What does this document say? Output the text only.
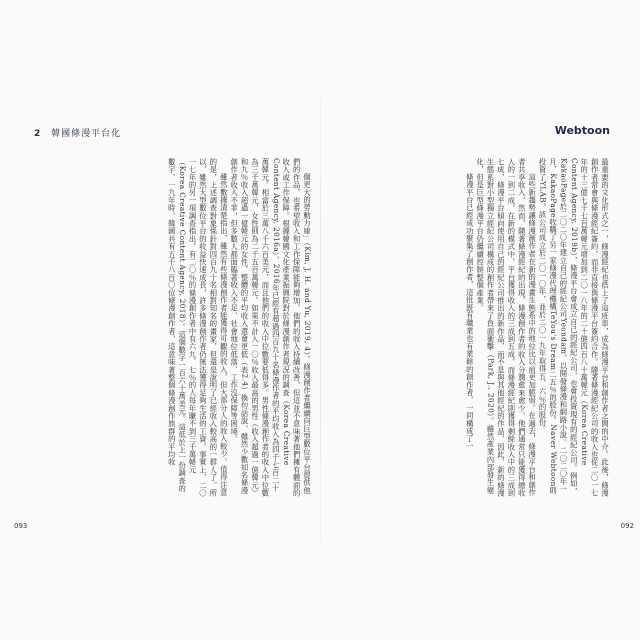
2 韓國條漫平台化

個更大的勞動力庫」（Kim, J. H. and Yu, 2019, 4）。條漫創作者繼續向巨型數位平台提供他們的作品，也希望收入和工作保障能夠增加，他們的收入持續改善，但這並不意味著他們擁有體面的收入或工作保障。根據韓國文化產業振興院對於條漫創作者現況的調查（Korea Creative Content Agency, 2016a），2016年已經有超過四百九十名條漫作者的平均收入為四千七百二十萬韓元。相當於三萬八千六百美元，而且他們的收入中位數要低得多。男性條漫創作者的收入中位數為三千萬韓元，女性則為二千五百萬韓元。如果不計入一〇％收入最高的男性（收入超過一億韓元）和九％收入超過一億韓元的女性，整體的平均收入還會更低（表2.4）換句話說，雖然少數知名條漫創作者收入不菲，但多數人都面臨著收入不足、社會地位低落、工作沒保障等困境。

雖然數據清楚指出，雖然有些條漫創作者能獲得可觀的收入，但大部分人的收入較少。值得注意的是，上述調查對象係針對四百九十名相對知名的畫家，但還是說明了已經收入較高的一群人了。所以，雖然大型數位平台的收益快速成長，許多條漫創作者仍無法獲得足夠生活的工資。事實上，二〇一七年的另一項調查指出，有二〇％的條漫創作者中有六九．七％的人每年賺不到三千萬韓元（Korea Creative Content Agency, 2018）。這個數字一百六十萬美元。這低於上一份調查的數字，一九年時，韓國共有五千八百〇位條漫創作者，這意味著整個條漫創作族群的平均收

093
Webtoon

最重要的文化形式之一，條漫經紀也搭上了這班車，成為條漫平台和創作者之間的中介。此後，條漫創作者常會與條漫經紀簽約，而非直接與條漫平台簽約合作。隨著條漫經紀公司的收入也從二〇一七年的十三億七千七百萬韓元增加到二〇一八年的二十億四百八十萬韓元（Korea Creative Content Agency, 2019b），條漫平台會成立自己的經紀公司，也會投資現有的經紀公司。例如，KakaoPage於二〇二〇年建立自己的經紀公司Yeondam，以開發條漫和網路小說。二〇二〇年一月，KakaoPage收購了另一家條漫代理機構TeYou's Dream二五％的股份。Naver Webtoon則投資了YLAB，該公司成立於二〇一〇年，並於二〇一九年取得五．六％的股份。

這些新趨勢讓條漫創作者在新的漫畫生態系中的地位比以前更加脆弱。在過去，條漫平台和創作者共享收入，然而，隨著條漫經紀的出現，條漫創作者的收入分潤愈來愈少。他們通常只能獲得總收入的一到二成，在新的模式中，平台獲得收入的三成到五成，而條漫經紀則獲得剩餘收入中的三成到七成，條漫平台傾向使用自己的經紀公司推出的新作品，而不是與其他經紀的作品，因此，新的條漫生態系對小型獨立經紀公司構成的創作者帶來了負面衝擊（Park, J., 2020）。雖然產業內部發生變化，但是巨型條漫平台仍繼續控制整個產業。

條漫平台已經成功聚集了創作者，這批既有職業也有業餘的創作者，一同構成了一

092
